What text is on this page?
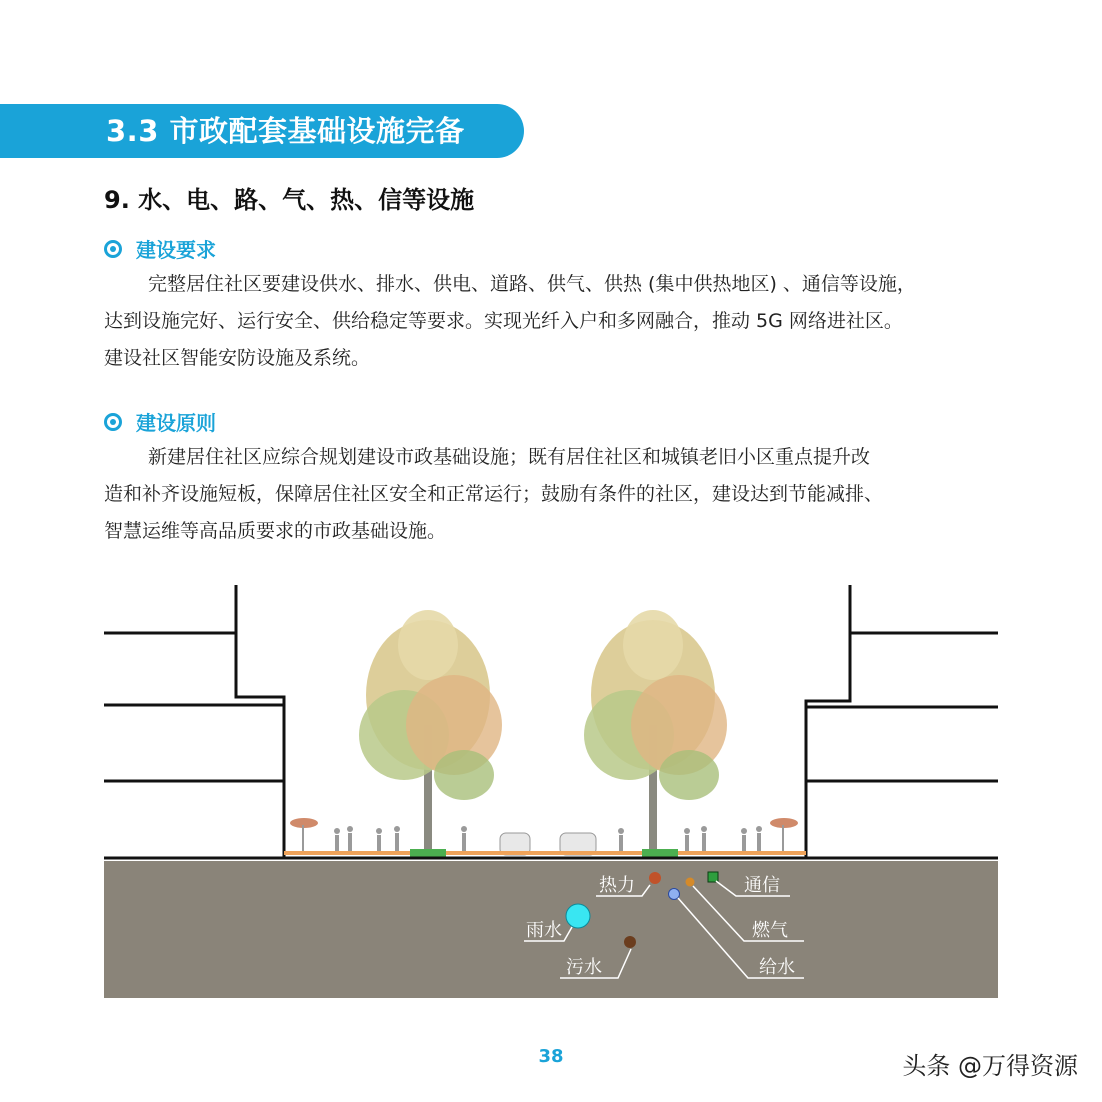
3.3 市政配套基础设施完备
9. 水、电、路、气、热、信等设施
建设要求
完整居住社区要建设供水、排水、供电、道路、供气、供热 (集中供热地区) 、通信等设施，
达到设施完好、运行安全、供给稳定等要求。实现光纤入户和多网融合，推动 5G 网络进社区。
建设社区智能安防设施及系统。
建设原则
新建居住社区应综合规划建设市政基础设施；既有居住社区和城镇老旧小区重点提升改
造和补齐设施短板，保障居住社区安全和正常运行；鼓励有条件的社区，建设达到节能减排、
智慧运维等高品质要求的市政基础设施。
热力	通信
雨水	燃气
污水	给水
38	头条 @万得资源
